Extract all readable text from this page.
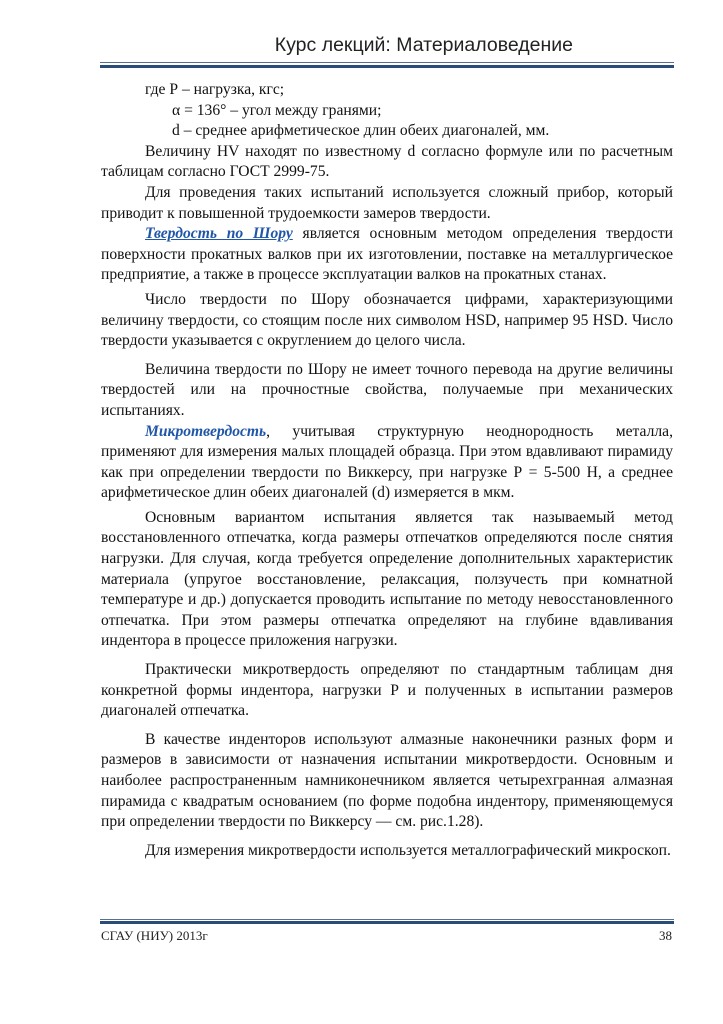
Курс лекций: Материаловедение

где Р – нагрузка, кгс;

α = 136° – угол между гранями;

d – среднее арифметическое длин обеих диагоналей, мм.

Величину HV находят по известному d согласно формуле или по расчетным таблицам согласно ГОСТ 2999-75.

Для проведения таких испытаний используется сложный прибор, который приводит к повышенной трудоемкости замеров твердости.

Твердость по Шору является основным методом определения твердости поверхности прокатных валков при их изготовлении, поставке на металлургическое предприятие, а также в процессе эксплуатации валков на прокатных станах.

Число твердости по Шору обозначается цифрами, характеризующими величину твердости, со стоящим после них символом HSD, например 95 HSD. Число твердости указывается с округлением до целого числа.

Величина твердости по Шору не имеет точного перевода на другие величины твердостей или на прочностные свойства, получаемые при механических испытаниях.

Микротвердость, учитывая структурную неоднородность металла, применяют для измерения малых площадей образца. При этом вдавливают пирамиду как при определении твердости по Виккерсу, при нагрузке Р = 5-500 Н, а среднее арифметическое длин обеих диагоналей (d) измеряется в мкм.

Основным вариантом испытания является так называемый метод восстановленного отпечатка, когда размеры отпечатков определяются после снятия нагрузки. Для случая, когда требуется определение дополнительных характеристик материала (упругое восстановление, релаксация, ползучесть при комнатной температуре и др.) допускается проводить испытание по методу невосстановленного отпечатка. При этом размеры отпечатка определяют на глубине вдавливания индентора в процессе приложения нагрузки.

Практически микротвердость определяют по стандартным таблицам дня конкретной формы индентора, нагрузки Р и полученных в испытании размеров диагоналей отпечатка.

В качестве инденторов используют алмазные наконечники разных форм и размеров в зависимости от назначения испытании микротвердости. Основным и наиболее распространенным намниконечником является четырехгранная алмазная пирамида с квадратым основанием (по форме подобна индентору, применяющемуся при определении твердости по Виккерсу — см. рис.1.28).

Для измерения микротвердости используется металлографический микроскоп.

СГАУ (НИУ) 2013г	38
